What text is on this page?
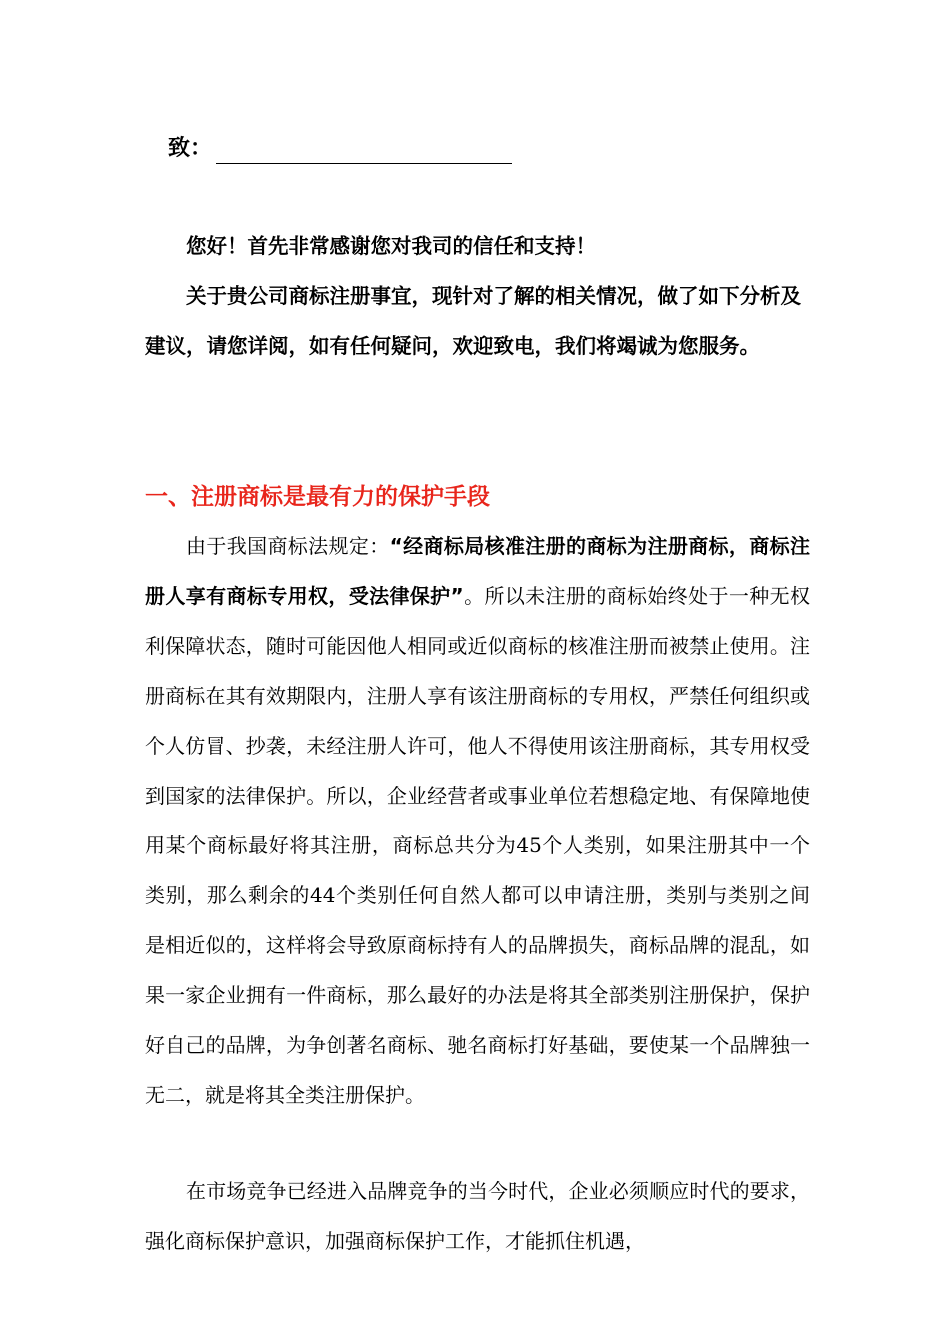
致：

您好！首先非常感谢您对我司的信任和支持！

关于贵公司商标注册事宜，现针对了解的相关情况，做了如下分析及建议，请您详阅，如有任何疑问，欢迎致电，我们将竭诚为您服务。

一、注册商标是最有力的保护手段

由于我国商标法规定：“经商标局核准注册的商标为注册商标，商标注册人享有商标专用权，受法律保护”。所以未注册的商标始终处于一种无权利保障状态，随时可能因他人相同或近似商标的核准注册而被禁止使用。注册商标在其有效期限内，注册人享有该注册商标的专用权，严禁任何组织或个人仿冒、抄袭，未经注册人许可，他人不得使用该注册商标，其专用权受到国家的法律保护。所以，企业经营者或事业单位若想稳定地、有保障地使用某个商标最好将其注册，商标总共分为45个人类别，如果注册其中一个类别，那么剩余的44个类别任何自然人都可以申请注册，类别与类别之间是相近似的，这样将会导致原商标持有人的品牌损失，商标品牌的混乱，如果一家企业拥有一件商标，那么最好的办法是将其全部类别注册保护，保护好自己的品牌，为争创著名商标、驰名商标打好基础，要使某一个品牌独一无二，就是将其全类注册保护。

在市场竞争已经进入品牌竞争的当今时代，企业必须顺应时代的要求，强化商标保护意识，加强商标保护工作，才能抓住机遇，
